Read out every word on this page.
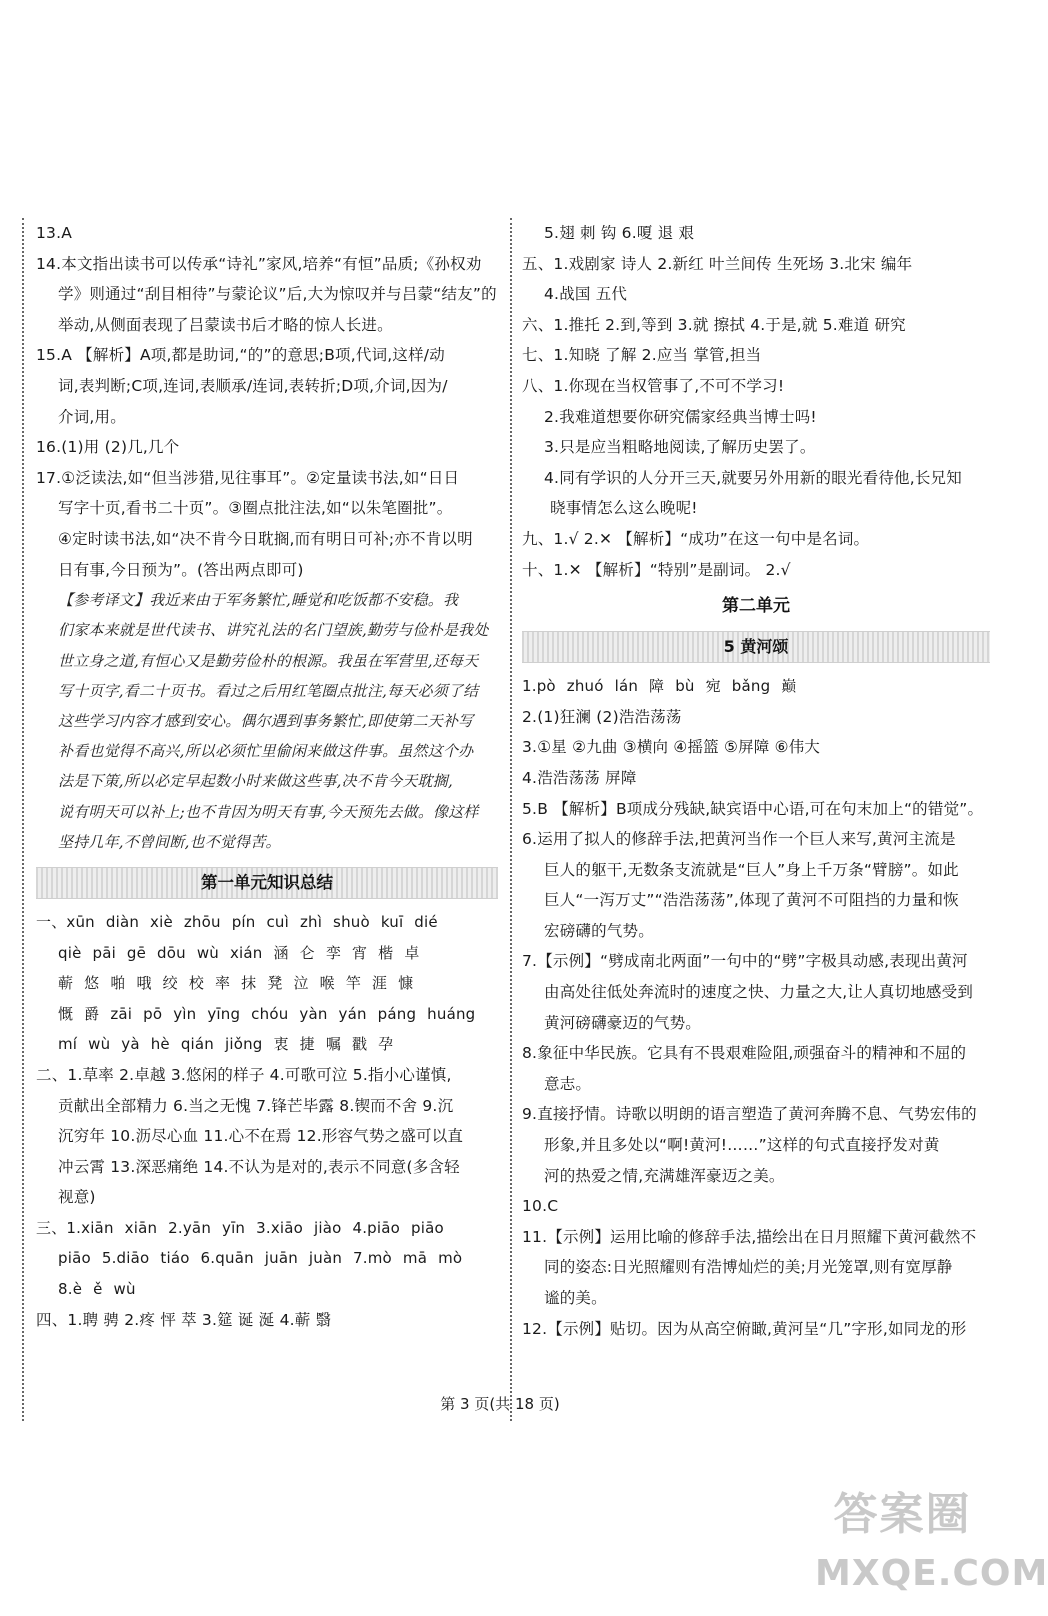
13.A
14.本文指出读书可以传承“诗礼”家风,培养“有恒”品质;《孙权劝
学》则通过“刮目相待”与蒙论议”后,大为惊叹并与吕蒙“结友”的
举动,从侧面表现了吕蒙读书后才略的惊人长进。
15.A 【解析】A项,都是助词,“的”的意思;B项,代词,这样/动
词,表判断;C项,连词,表顺承/连词,表转折;D项,介词,因为/
介词,用。
16.(1)用 (2)几,几个
17.①泛读法,如“但当涉猎,见往事耳”。②定量读书法,如“日日
写字十页,看书二十页”。③圈点批注法,如“以朱笔圈批”。
④定时读书法,如“决不肯今日耽搁,而有明日可补;亦不肯以明
日有事,今日预为”。(答出两点即可)
【参考译文】我近来由于军务繁忙,睡觉和吃饭都不安稳。我
们家本来就是世代读书、讲究礼法的名门望族,勤劳与俭朴是我处
世立身之道,有恒心又是勤劳俭朴的根源。我虽在军营里,还每天
写十页字,看二十页书。看过之后用红笔圈点批注,每天必须了结
这些学习内容才感到安心。偶尔遇到事务繁忙,即使第二天补写
补看也觉得不高兴,所以必须忙里偷闲来做这件事。虽然这个办
法是下策,所以必定早起数小时来做这些事,决不肯今天耽搁,
说有明天可以补上;也不肯因为明天有事,今天预先去做。像这样
坚持几年,不曾间断,也不觉得苦。
第一单元知识总结
一、xūn diàn xiè zhōu pín cuì zhì shuò kuī dié
qiè pāi gē dōu wù xián 涵 仑 孪 宵 楷 卓
蕲 悠 啪 哦 绞 校 率 抹 凳 泣 喉 竿 涯 慷
慨 爵 zāi pō yìn yīng chóu yàn yán páng huáng
mí wù yà hè qián jiǒng 衷 捷 嘱 戳 孕
二、1.草率 2.卓越 3.悠闲的样子 4.可歌可泣 5.指小心谨慎,
贡献出全部精力 6.当之无愧 7.锋芒毕露 8.锲而不舍 9.沉
沉穷年 10.沥尽心血 11.心不在焉 12.形容气势之盛可以直
冲云霄 13.深恶痛绝 14.不认为是对的,表示不同意(多含轻
视意)
三、1.xiān xiān 2.yān yīn 3.xiāo jiào 4.piāo piāo
piāo 5.diāo tiáo 6.quān juān juàn 7.mò mā mò
8.è ě wù
四、1.聘 骋 2.疼 怦 萃 3.筵 诞 涎 4.蕲 翳
5.翅 刺 钩 6.嗄 退 艰
五、1.戏剧家 诗人 2.新红 叶兰间传 生死场 3.北宋 编年
4.战国 五代
六、1.推托 2.到,等到 3.就 擦拭 4.于是,就 5.难道 研究
七、1.知晓 了解 2.应当 掌管,担当
八、1.你现在当权管事了,不可不学习!
2.我难道想要你研究儒家经典当博士吗!
3.只是应当粗略地阅读,了解历史罢了。
4.同有学识的人分开三天,就要另外用新的眼光看待他,长兄知
晓事情怎么这么晚呢!
九、1.√ 2.✕ 【解析】“成功”在这一句中是名词。
十、1.✕ 【解析】“特别”是副词。 2.√
第二单元
5 黄河颂
1.pò zhuó lán 障 bù 宛 bǎng 巅
2.(1)狂澜 (2)浩浩荡荡
3.①星 ②九曲 ③横向 ④摇篮 ⑤屏障 ⑥伟大
4.浩浩荡荡 屏障
5.B 【解析】B项成分残缺,缺宾语中心语,可在句末加上“的错觉”。
6.运用了拟人的修辞手法,把黄河当作一个巨人来写,黄河主流是
巨人的躯干,无数条支流就是“巨人”身上千万条“臂膀”。如此
巨人“一泻万丈”“浩浩荡荡”,体现了黄河不可阻挡的力量和恢
宏磅礴的气势。
7.【示例】“劈成南北两面”一句中的“劈”字极具动感,表现出黄河
由高处往低处奔流时的速度之快、力量之大,让人真切地感受到
黄河磅礴豪迈的气势。
8.象征中华民族。它具有不畏艰难险阻,顽强奋斗的精神和不屈的
意志。
9.直接抒情。诗歌以明朗的语言塑造了黄河奔腾不息、气势宏伟的
形象,并且多处以“啊!黄河!……”这样的句式直接抒发对黄
河的热爱之情,充满雄浑豪迈之美。
10.C
11.【示例】运用比喻的修辞手法,描绘出在日月照耀下黄河截然不
同的姿态:日光照耀则有浩博灿烂的美;月光笼罩,则有宽厚静
谧的美。
12.【示例】贴切。因为从高空俯瞰,黄河呈“几”字形,如同龙的形
第 3 页(共 18 页)
答案圈
MXQE.COM
